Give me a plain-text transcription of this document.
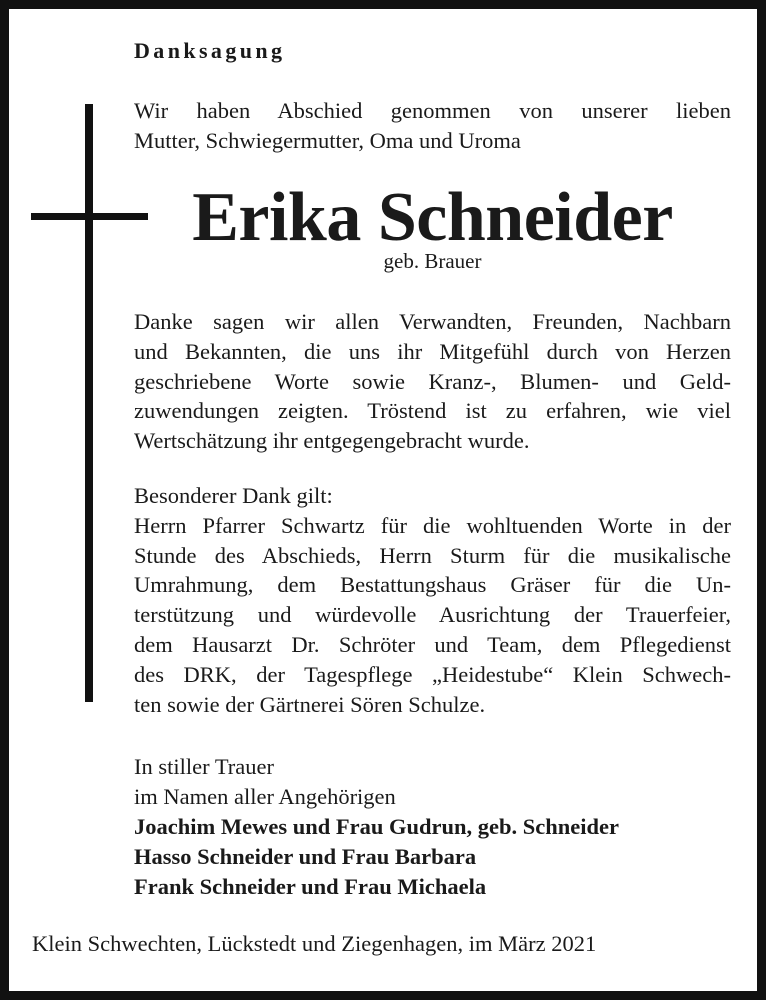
Danksagung
Wir haben Abschied genommen von unserer lieben
Mutter, Schwiegermutter, Oma und Uroma
Erika Schneider
geb. Brauer
Danke sagen wir allen Verwandten, Freunden, Nachbarn
und Bekannten, die uns ihr Mitgefühl durch von Herzen
geschriebene Worte sowie Kranz-, Blumen- und Geld-
zuwendungen zeigten. Tröstend ist zu erfahren, wie viel
Wertschätzung ihr entgegengebracht wurde.
Besonderer Dank gilt:
Herrn Pfarrer Schwartz für die wohltuenden Worte in der
Stunde des Abschieds, Herrn Sturm für die musikalische
Umrahmung, dem Bestattungshaus Gräser für die Un-
terstützung und würdevolle Ausrichtung der Trauerfeier,
dem Hausarzt Dr. Schröter und Team, dem Pflegedienst
des DRK, der Tagespflege „Heidestube“ Klein Schwech-
ten sowie der Gärtnerei Sören Schulze.
In stiller Trauer
im Namen aller Angehörigen
Joachim Mewes und Frau Gudrun, geb. Schneider
Hasso Schneider und Frau Barbara
Frank Schneider und Frau Michaela
Klein Schwechten, Lückstedt und Ziegenhagen, im März 2021
